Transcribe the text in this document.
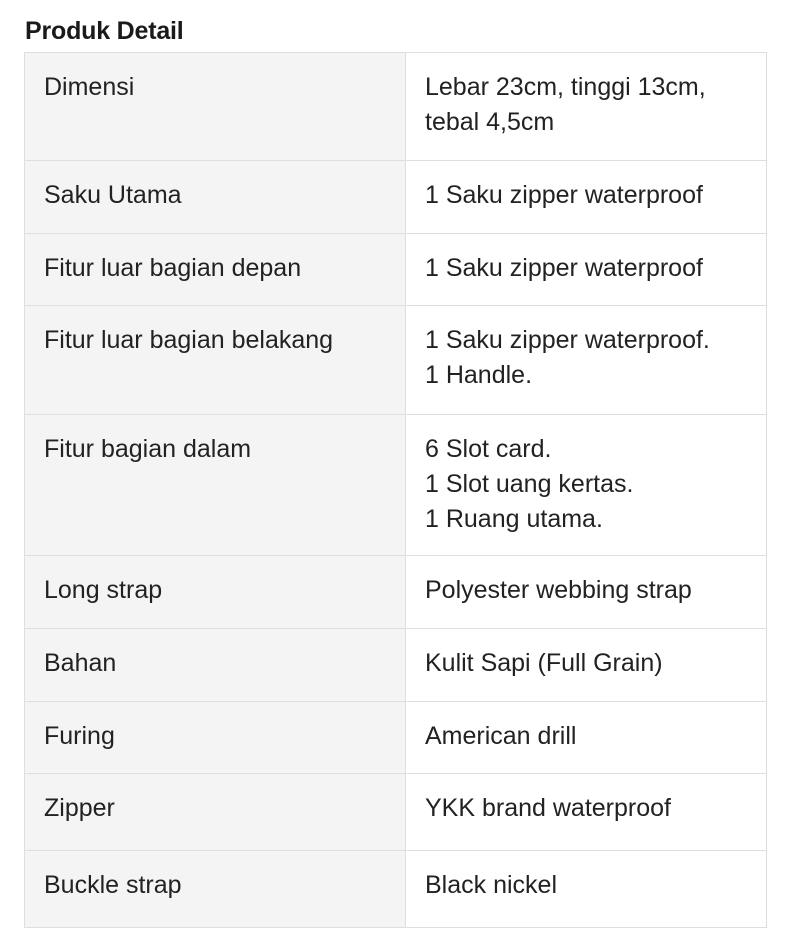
Produk Detail
Dimensi	Lebar 23cm, tinggi 13cm,
tebal 4,5cm
Saku Utama	1 Saku zipper waterproof
Fitur luar bagian depan	1 Saku zipper waterproof
Fitur luar bagian belakang	1 Saku zipper waterproof.
1 Handle.
Fitur bagian dalam	6 Slot card.
1 Slot uang kertas.
1 Ruang utama.
Long strap	Polyester webbing strap
Bahan	Kulit Sapi (Full Grain)
Furing	American drill
Zipper	YKK brand waterproof
Buckle strap	Black nickel
